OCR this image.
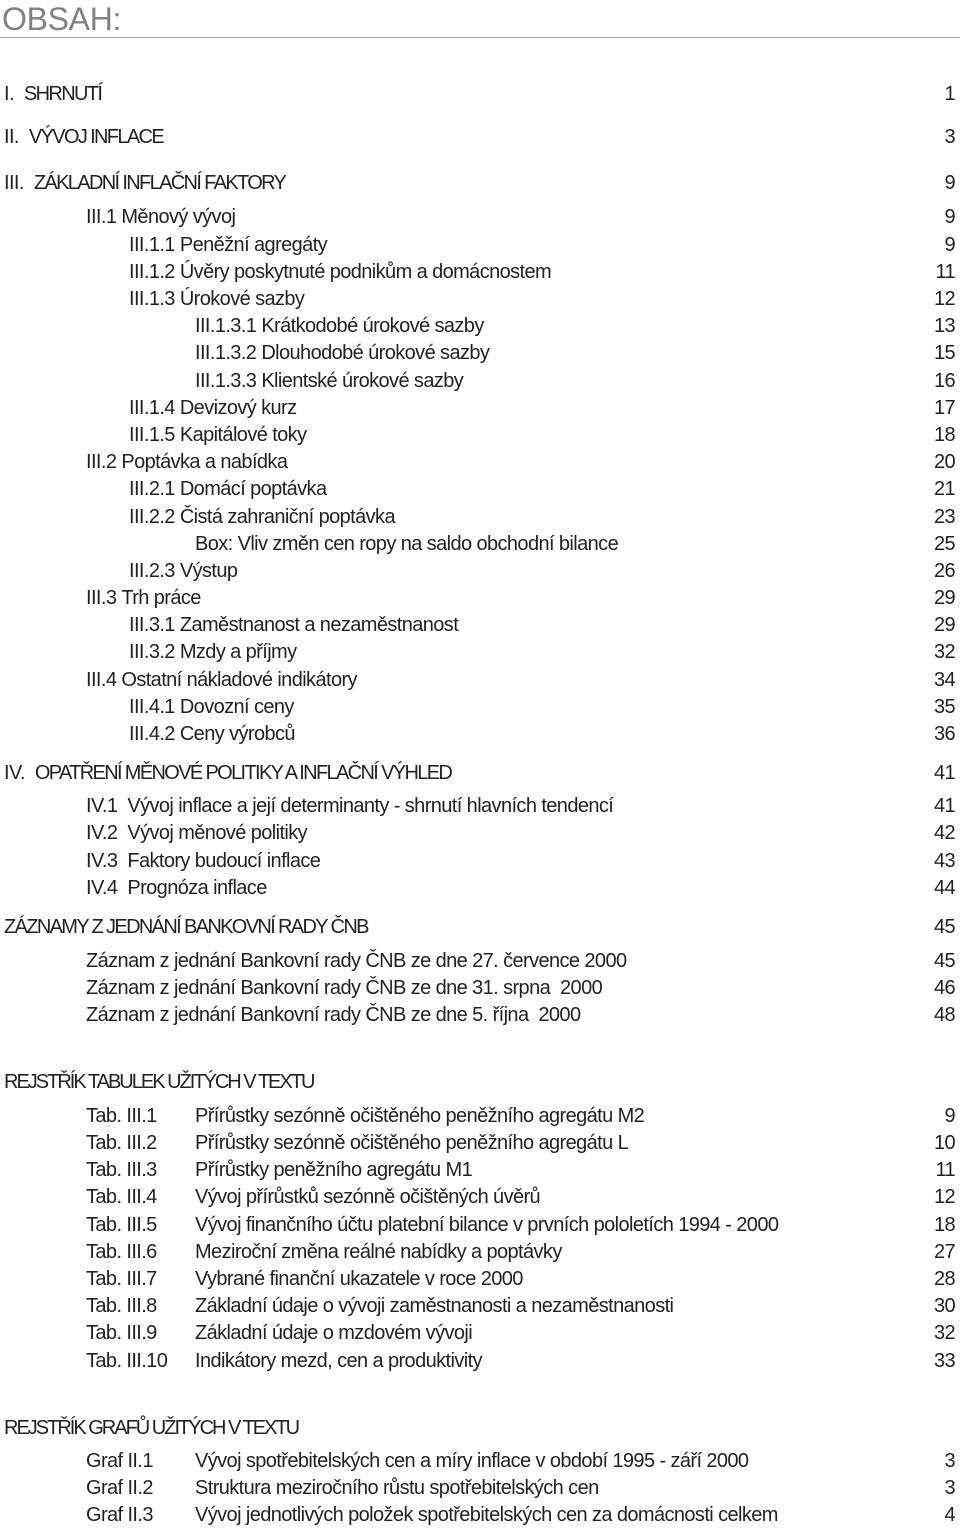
OBSAH:
I. SHRNUTÍ	1
II. VÝVOJ INFLACE	3
III. ZÁKLADNÍ INFLAČNÍ FAKTORY	9
III.1 Měnový vývoj	9
III.1.1 Peněžní agregáty	9
III.1.2 Úvěry poskytnuté podnikům a domácnostem	11
III.1.3 Úrokové sazby	12
III.1.3.1 Krátkodobé úrokové sazby	13
III.1.3.2 Dlouhodobé úrokové sazby	15
III.1.3.3 Klientské úrokové sazby	16
III.1.4 Devizový kurz	17
III.1.5 Kapitálové toky	18
III.2 Poptávka a nabídka	20
III.2.1 Domácí poptávka	21
III.2.2 Čistá zahraniční poptávka	23
Box: Vliv změn cen ropy na saldo obchodní bilance	25
III.2.3 Výstup	26
III.3 Trh práce	29
III.3.1 Zaměstnanost a nezaměstnanost	29
III.3.2 Mzdy a příjmy	32
III.4 Ostatní nákladové indikátory	34
III.4.1 Dovozní ceny	35
III.4.2 Ceny výrobců	36
IV. OPATŘENÍ MĚNOVÉ POLITIKY A INFLAČNÍ VÝHLED	41
IV.1 Vývoj inflace a její determinanty - shrnutí hlavních tendencí	41
IV.2 Vývoj měnové politiky	42
IV.3 Faktory budoucí inflace	43
IV.4 Prognóza inflace	44
ZÁZNAMY Z JEDNÁNÍ BANKOVNÍ RADY ČNB	45
Záznam z jednání Bankovní rady ČNB ze dne 27. července 2000	45
Záznam z jednání Bankovní rady ČNB ze dne 31. srpna  2000	46
Záznam z jednání Bankovní rady ČNB ze dne 5. října  2000	48
REJSTŘÍK TABULEK UŽITÝCH V TEXTU
Tab. III.1 Přírůstky sezónně očištěného peněžního agregátu M2	9
Tab. III.2 Přírůstky sezónně očištěného peněžního agregátu L	10
Tab. III.3 Přírůstky peněžního agregátu M1	11
Tab. III.4 Vývoj přírůstků sezónně očištěných úvěrů	12
Tab. III.5 Vývoj finančního účtu platební bilance v prvních pololetích 1994 - 2000	18
Tab. III.6 Meziroční změna reálné nabídky a poptávky	27
Tab. III.7 Vybrané finanční ukazatele v roce 2000	28
Tab. III.8 Základní údaje o vývoji zaměstnanosti a nezaměstnanosti	30
Tab. III.9 Základní údaje o mzdovém vývoji	32
Tab. III.10 Indikátory mezd, cen a produktivity	33
REJSTŘÍK GRAFŮ UŽITÝCH V TEXTU
Graf II.1 Vývoj spotřebitelských cen a míry inflace v období 1995 - září 2000	3
Graf II.2 Struktura meziročního růstu spotřebitelských cen	3
Graf II.3 Vývoj jednotlivých položek spotřebitelských cen za domácnosti celkem	4
